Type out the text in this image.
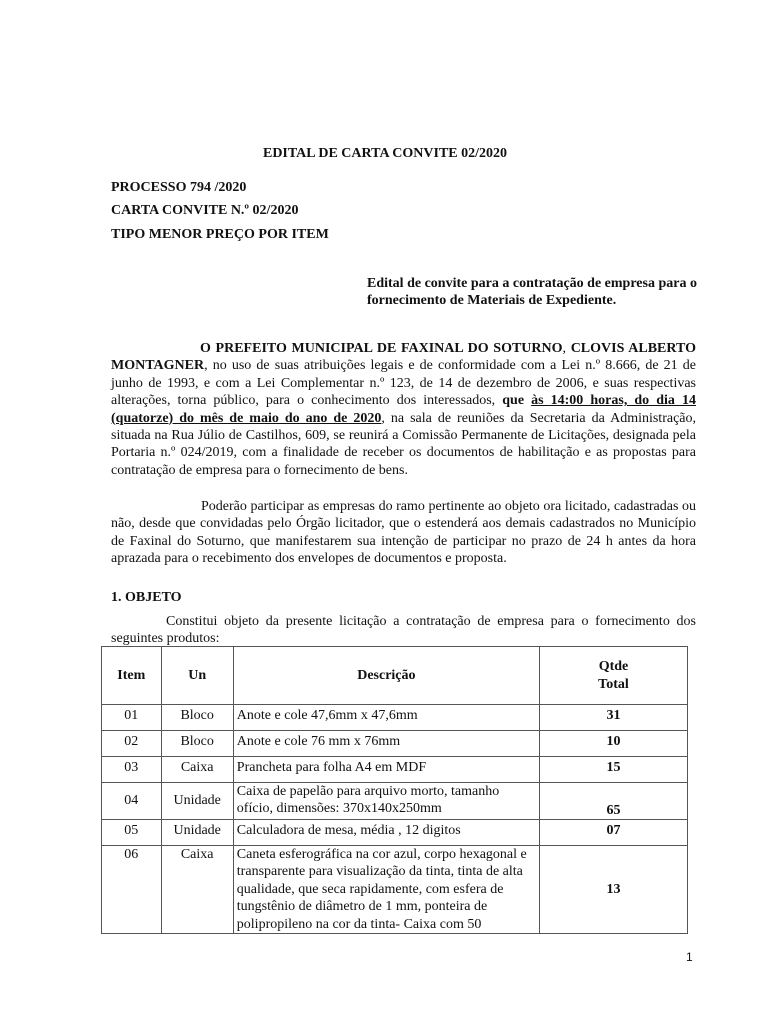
EDITAL DE CARTA CONVITE 02/2020
PROCESSO 794 /2020
CARTA CONVITE N.º 02/2020
TIPO MENOR PREÇO POR ITEM
Edital de convite para a contratação de empresa para o fornecimento de Materiais de Expediente.

O PREFEITO MUNICIPAL DE FAXINAL DO SOTURNO, CLOVIS ALBERTO MONTAGNER, no uso de suas atribuições legais e de conformidade com a Lei n.º 8.666, de 21 de junho de 1993, e com a Lei Complementar n.º 123, de 14 de dezembro de 2006, e suas respectivas alterações, torna público, para o conhecimento dos interessados, que às 14:00 horas, do dia 14 (quatorze) do mês de maio do ano de 2020, na sala de reuniões da Secretaria da Administração, situada na Rua Júlio de Castilhos, 609, se reunirá a Comissão Permanente de Licitações, designada pela Portaria n.º 024/2019, com a finalidade de receber os documentos de habilitação e as propostas para contratação de empresa para o fornecimento de bens.

Poderão participar as empresas do ramo pertinente ao objeto ora licitado, cadastradas ou não, desde que convidadas pelo Órgão licitador, que o estenderá aos demais cadastrados no Município de Faxinal do Soturno, que manifestarem sua intenção de participar no prazo de 24 h antes da hora aprazada para o recebimento dos envelopes de documentos e proposta.

1. OBJETO
Constitui objeto da presente licitação a contratação de empresa para o fornecimento dos seguintes produtos:
Item	Un	Descrição	Qtde
Total
01	Bloco	Anote e cole 47,6mm x 47,6mm	31
02	Bloco	Anote e cole 76 mm x 76mm	10
03	Caixa	Prancheta para folha A4 em MDF	15
04	Unidade	Caixa de papelão para arquivo morto, tamanho ofício, dimensões: 370x140x250mm	65
05	Unidade	Calculadora de mesa, média , 12 digitos	07
06	Caixa	Caneta esferográfica na cor azul, corpo hexagonal e transparente para visualização da tinta, tinta de alta qualidade, que seca rapidamente, com esfera de tungstênio de diâmetro de 1 mm, ponteira de polipropileno na cor da tinta- Caixa com 50	13
1
